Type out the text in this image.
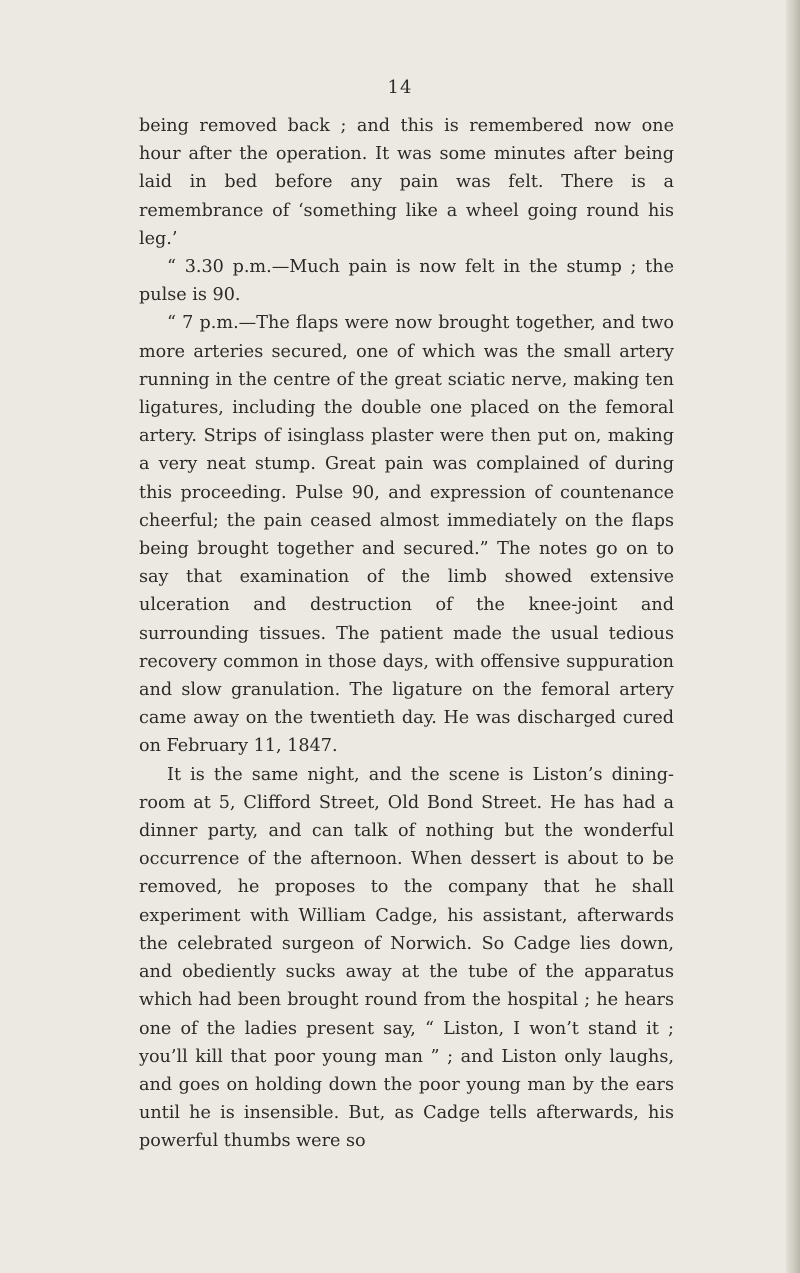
14

being removed back ; and this is remembered now one hour after the operation. It was some minutes after being laid in bed before any pain was felt. There is a remembrance of ‘something like a wheel going round his leg.’

“ 3.30 p.m.—Much pain is now felt in the stump ; the pulse is 90.

“ 7 p.m.—The flaps were now brought together, and two more arteries secured, one of which was the small artery running in the centre of the great sciatic nerve, making ten ligatures, including the double one placed on the femoral artery. Strips of isinglass plaster were then put on, making a very neat stump. Great pain was complained of during this proceeding. Pulse 90, and expression of countenance cheerful; the pain ceased almost immediately on the flaps being brought together and secured.” The notes go on to say that examination of the limb showed extensive ulceration and destruction of the knee-joint and surrounding tissues. The patient made the usual tedious recovery common in those days, with offensive suppuration and slow granulation. The ligature on the femoral artery came away on the twentieth day. He was discharged cured on February 11, 1847.

It is the same night, and the scene is Liston’s dining-room at 5, Clifford Street, Old Bond Street. He has had a dinner party, and can talk of nothing but the wonderful occurrence of the afternoon. When dessert is about to be removed, he proposes to the company that he shall experiment with William Cadge, his assistant, afterwards the celebrated surgeon of Norwich. So Cadge lies down, and obediently sucks away at the tube of the apparatus which had been brought round from the hospital ; he hears one of the ladies present say, “ Liston, I won’t stand it ; you’ll kill that poor young man ” ; and Liston only laughs, and goes on holding down the poor young man by the ears until he is insensible. But, as Cadge tells afterwards, his powerful thumbs were so
